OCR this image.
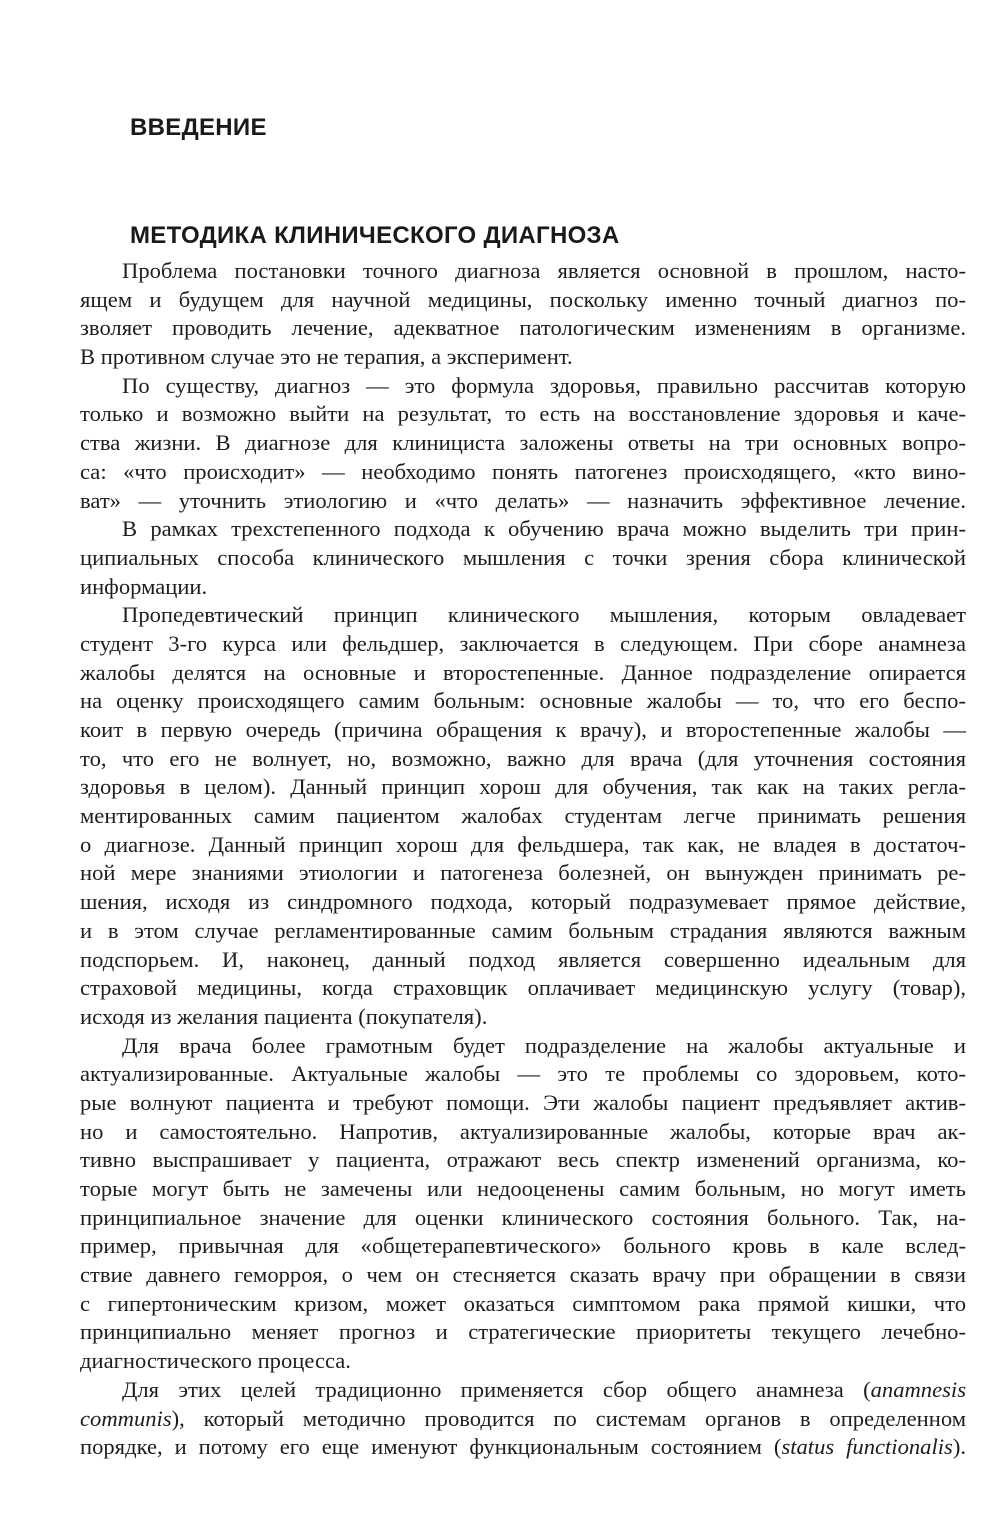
ВВЕДЕНИЕ
МЕТОДИКА КЛИНИЧЕСКОГО ДИАГНОЗА
Проблема постановки точного диагноза является основной в прошлом, насто-
ящем и будущем для научной медицины, поскольку именно точный диагноз по-
зволяет проводить лечение, адекватное патологическим изменениям в организме.
В противном случае это не терапия, а эксперимент.
По существу, диагноз — это формула здоровья, правильно рассчитав которую
только и возможно выйти на результат, то есть на восстановление здоровья и каче-
ства жизни. В диагнозе для клинициста заложены ответы на три основных вопро-
са: «что происходит» — необходимо понять патогенез происходящего, «кто вино-
ват» — уточнить этиологию и «что делать» — назначить эффективное лечение.
В рамках трехстепенного подхода к обучению врача можно выделить три прин-
ципиальных способа клинического мышления с точки зрения сбора клинической
информации.
Пропедевтический принцип клинического мышления, которым овладевает
студент 3-го курса или фельдшер, заключается в следующем. При сборе анамнеза
жалобы делятся на основные и второстепенные. Данное подразделение опирается
на оценку происходящего самим больным: основные жалобы — то, что его беспо-
коит в первую очередь (причина обращения к врачу), и второстепенные жалобы —
то, что его не волнует, но, возможно, важно для врача (для уточнения состояния
здоровья в целом). Данный принцип хорош для обучения, так как на таких регла-
ментированных самим пациентом жалобах студентам легче принимать решения
о диагнозе. Данный принцип хорош для фельдшера, так как, не владея в достаточ-
ной мере знаниями этиологии и патогенеза болезней, он вынужден принимать ре-
шения, исходя из синдромного подхода, который подразумевает прямое действие,
и в этом случае регламентированные самим больным страдания являются важным
подспорьем. И, наконец, данный подход является совершенно идеальным для
страховой медицины, когда страховщик оплачивает медицинскую услугу (товар),
исходя из желания пациента (покупателя).
Для врача более грамотным будет подразделение на жалобы актуальные и
актуализированные. Актуальные жалобы — это те проблемы со здоровьем, кото-
рые волнуют пациента и требуют помощи. Эти жалобы пациент предъявляет актив-
но и самостоятельно. Напротив, актуализированные жалобы, которые врач ак-
тивно выспрашивает у пациента, отражают весь спектр изменений организма, ко-
торые могут быть не замечены или недооценены самим больным, но могут иметь
принципиальное значение для оценки клинического состояния больного. Так, на-
пример, привычная для «общетерапевтического» больного кровь в кале вслед-
ствие давнего геморроя, о чем он стесняется сказать врачу при обращении в связи
с гипертоническим кризом, может оказаться симптомом рака прямой кишки, что
принципиально меняет прогноз и стратегические приоритеты текущего лечебно-
диагностического процесса.
Для этих целей традиционно применяется сбор общего анамнеза (anamnesis
communis), который методично проводится по системам органов в определенном
порядке, и потому его еще именуют функциональным состоянием (status functionalis).
